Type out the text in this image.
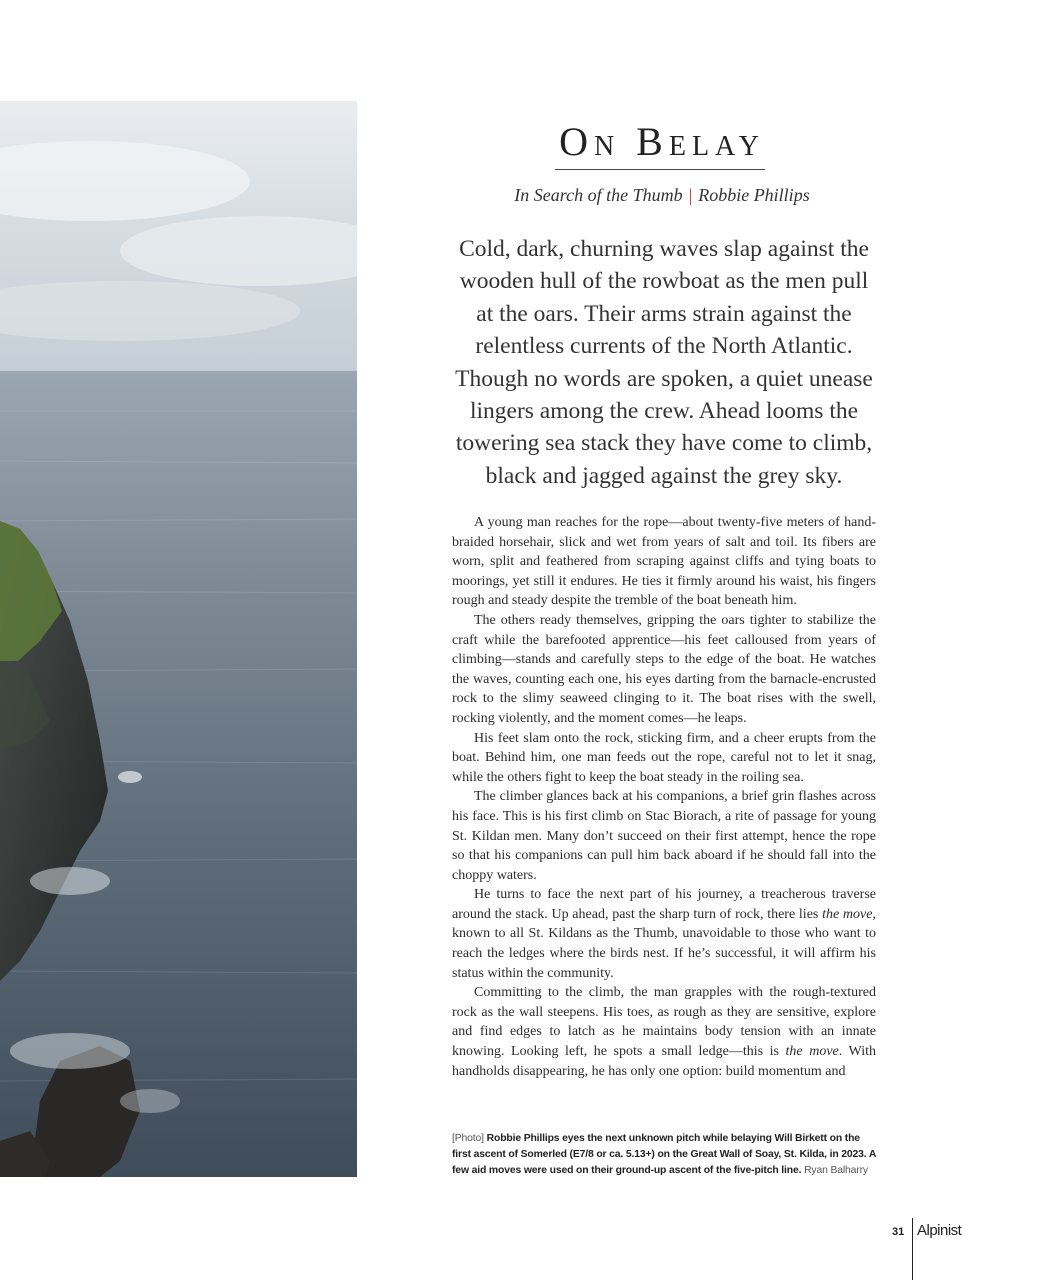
On Belay
In Search of the Thumb | Robbie Phillips

Cold, dark, churning waves slap against the wooden hull of the rowboat as the men pull at the oars. Their arms strain against the relentless currents of the North Atlantic. Though no words are spoken, a quiet unease lingers among the crew. Ahead looms the towering sea stack they have come to climb, black and jagged against the grey sky.

A young man reaches for the rope—about twenty-five meters of hand-braided horsehair, slick and wet from years of salt and toil. Its fibers are worn, split and feathered from scraping against cliffs and tying boats to moorings, yet still it endures. He ties it firmly around his waist, his fingers rough and steady despite the tremble of the boat beneath him.

The others ready themselves, gripping the oars tighter to stabilize the craft while the barefooted apprentice—his feet calloused from years of climbing—stands and carefully steps to the edge of the boat. He watches the waves, counting each one, his eyes darting from the barnacle-encrusted rock to the slimy seaweed clinging to it. The boat rises with the swell, rocking violently, and the moment comes—he leaps.

His feet slam onto the rock, sticking firm, and a cheer erupts from the boat. Behind him, one man feeds out the rope, careful not to let it snag, while the others fight to keep the boat steady in the roiling sea.

The climber glances back at his companions, a brief grin flashes across his face. This is his first climb on Stac Biorach, a rite of passage for young St. Kildan men. Many don’t succeed on their first attempt, hence the rope so that his companions can pull him back aboard if he should fall into the choppy waters.

He turns to face the next part of his journey, a treacherous traverse around the stack. Up ahead, past the sharp turn of rock, there lies the move, known to all St. Kildans as the Thumb, unavoidable to those who want to reach the ledges where the birds nest. If he’s successful, it will affirm his status within the community.

Committing to the climb, the man grapples with the rough-textured rock as the wall steepens. His toes, as rough as they are sensitive, explore and find edges to latch as he maintains body tension with an innate knowing. Looking left, he spots a small ledge—this is the move. With handholds disappearing, he has only one option: build momentum and

[Photo] Robbie Phillips eyes the next unknown pitch while belaying Will Birkett on the first ascent of Somerled (E7/8 or ca. 5.13+) on the Great Wall of Soay, St. Kilda, in 2023. A few aid moves were used on their ground-up ascent of the five-pitch line. Ryan Balharry
31 Alpinist
